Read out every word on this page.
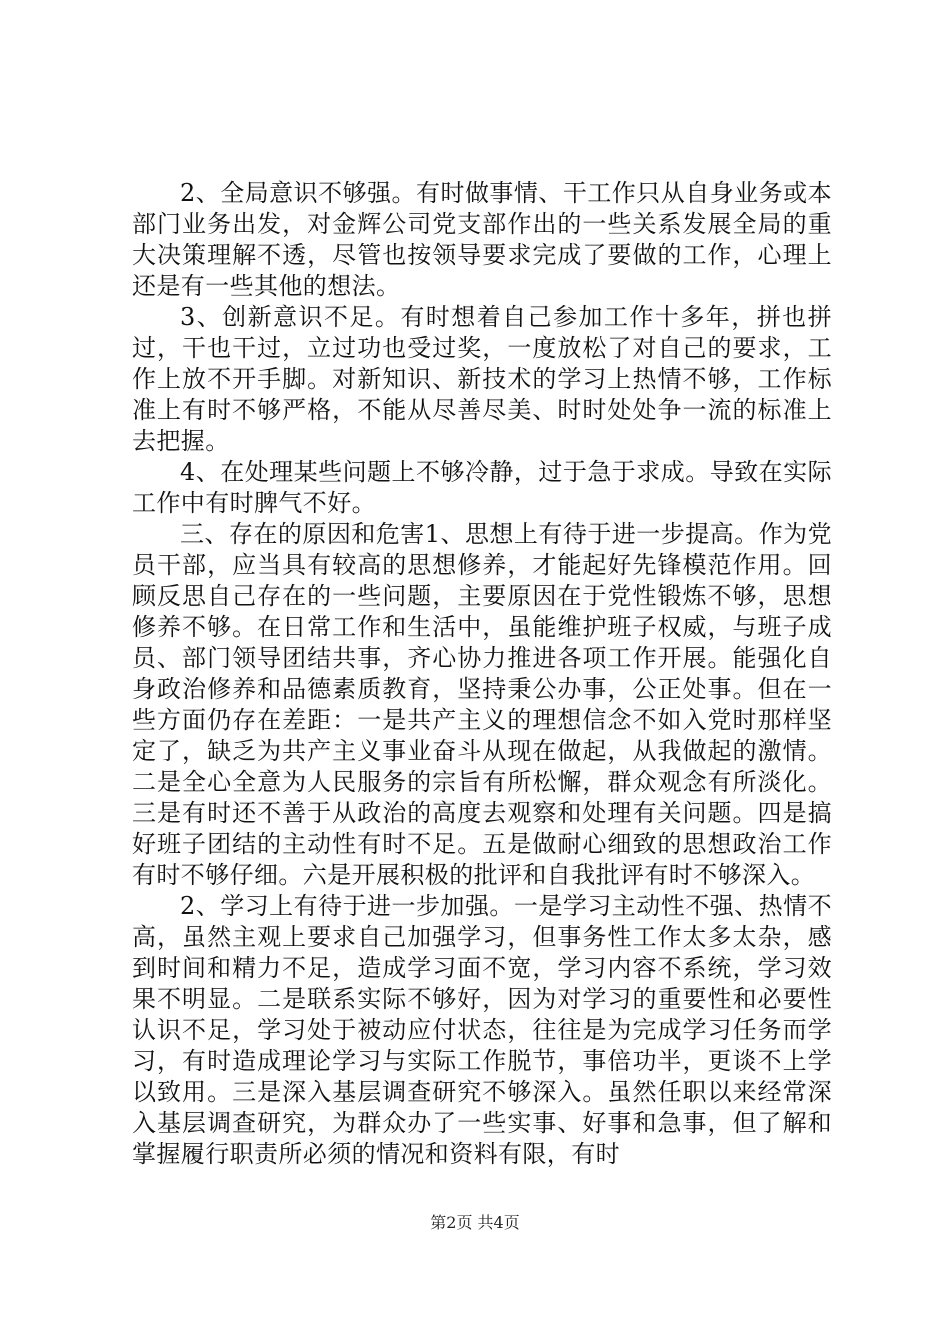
2、全局意识不够强。有时做事情、干工作只从自身业务或本部门业务出发，对金辉公司党支部作出的一些关系发展全局的重大决策理解不透，尽管也按领导要求完成了要做的工作，心理上还是有一些其他的想法。

3、创新意识不足。有时想着自己参加工作十多年，拼也拼过，干也干过，立过功也受过奖，一度放松了对自己的要求，工作上放不开手脚。对新知识、新技术的学习上热情不够，工作标准上有时不够严格，不能从尽善尽美、时时处处争一流的标准上去把握。

4、在处理某些问题上不够冷静，过于急于求成。导致在实际工作中有时脾气不好。

三、存在的原因和危害1、思想上有待于进一步提高。作为党员干部，应当具有较高的思想修养，才能起好先锋模范作用。回顾反思自己存在的一些问题，主要原因在于党性锻炼不够，思想修养不够。在日常工作和生活中，虽能维护班子权威，与班子成员、部门领导团结共事，齐心协力推进各项工作开展。能强化自身政治修养和品德素质教育，坚持秉公办事，公正处事。但在一些方面仍存在差距：一是共产主义的理想信念不如入党时那样坚定了，缺乏为共产主义事业奋斗从现在做起，从我做起的激情。二是全心全意为人民服务的宗旨有所松懈，群众观念有所淡化。三是有时还不善于从政治的高度去观察和处理有关问题。四是搞好班子团结的主动性有时不足。五是做耐心细致的思想政治工作有时不够仔细。六是开展积极的批评和自我批评有时不够深入。

2、学习上有待于进一步加强。一是学习主动性不强、热情不高，虽然主观上要求自己加强学习，但事务性工作太多太杂，感到时间和精力不足，造成学习面不宽，学习内容不系统，学习效果不明显。二是联系实际不够好，因为对学习的重要性和必要性认识不足，学习处于被动应付状态，往往是为完成学习任务而学习，有时造成理论学习与实际工作脱节，事倍功半，更谈不上学以致用。三是深入基层调查研究不够深入。虽然任职以来经常深入基层调查研究，为群众办了一些实事、好事和急事，但了解和掌握履行职责所必须的情况和资料有限，有时

第2页 共4页
